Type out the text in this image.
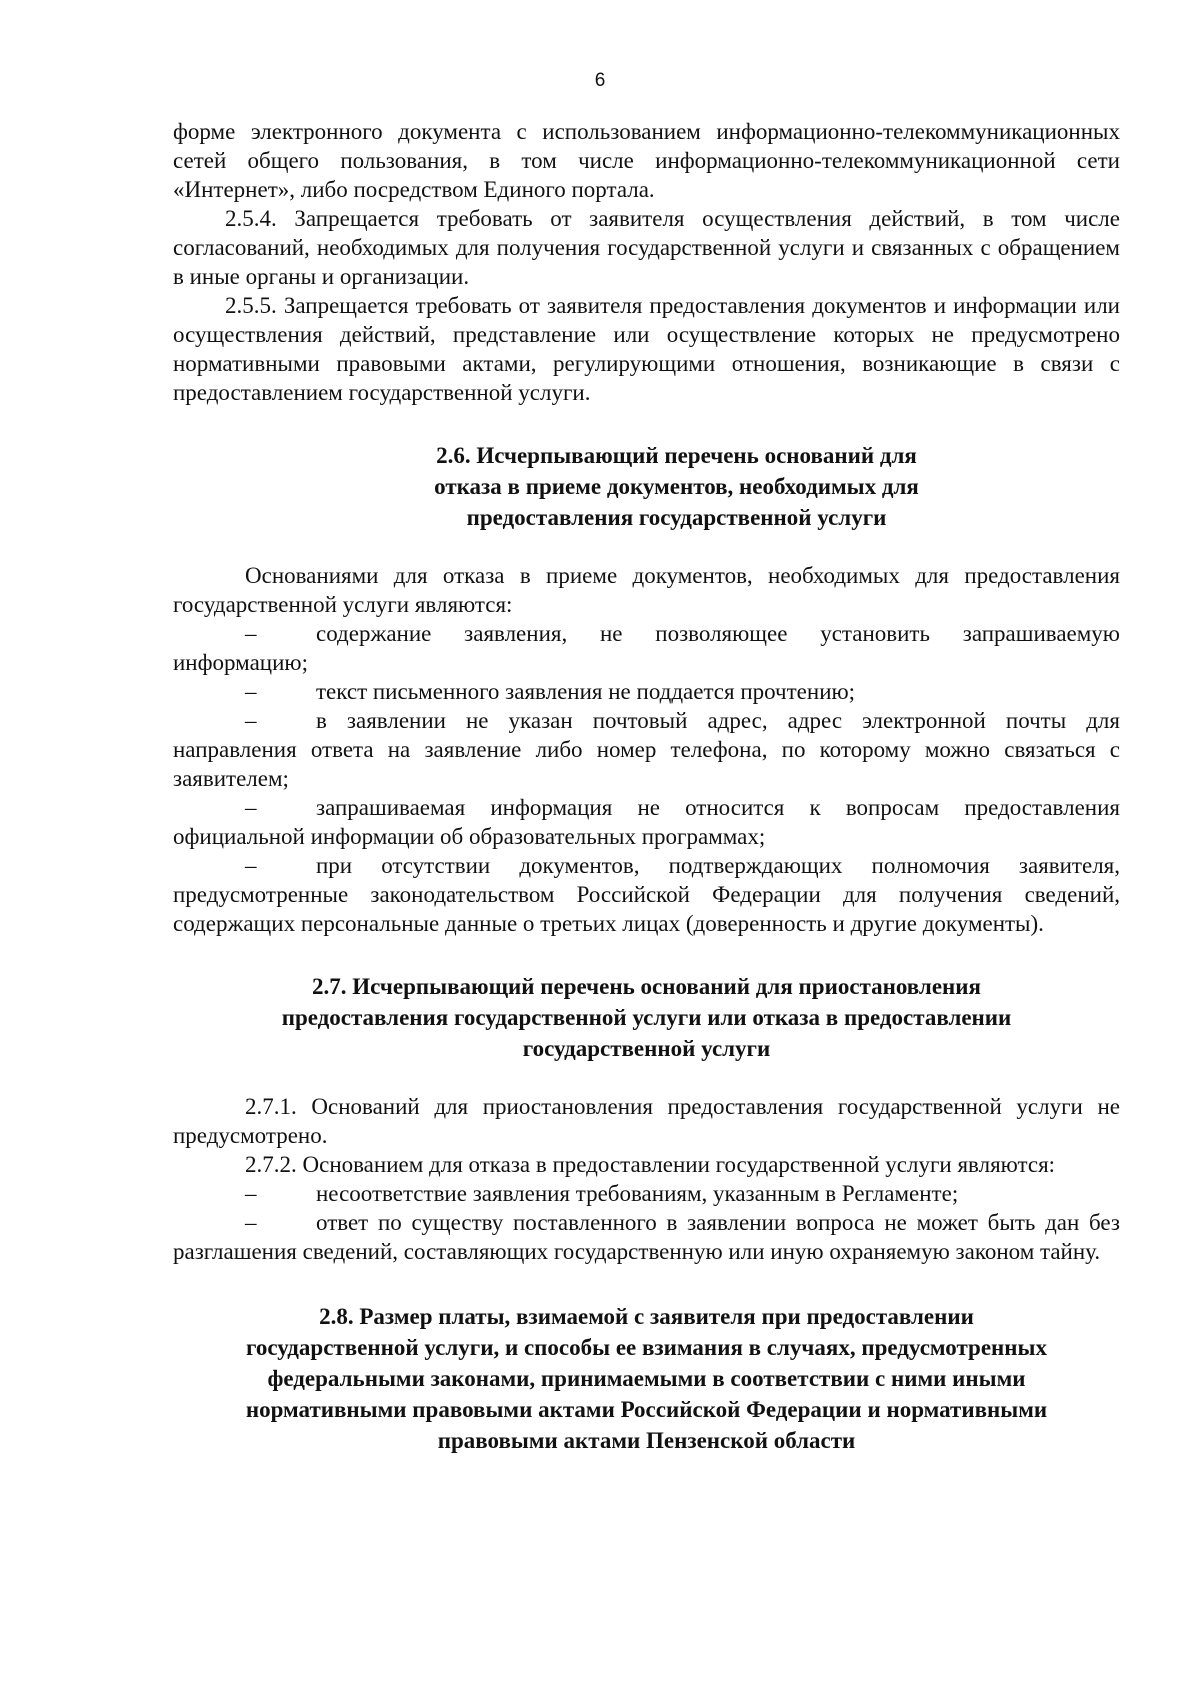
6

форме электронного документа с использованием информационно-телекоммуникационных сетей общего пользования, в том числе информационно-телекоммуникационной сети «Интернет», либо посредством Единого портала.

2.5.4. Запрещается требовать от заявителя осуществления действий, в том числе согласований, необходимых для получения государственной услуги и связанных с обращением в иные органы и организации.

2.5.5. Запрещается требовать от заявителя предоставления документов и информации или осуществления действий, представление или осуществление которых не предусмотрено нормативными правовыми актами, регулирующими отношения, возникающие в связи с предоставлением государственной услуги.

2.6. Исчерпывающий перечень оснований для
отказа в приеме документов, необходимых для
предоставления государственной услуги

Основаниями для отказа в приеме документов, необходимых для предоставления государственной услуги являются:

–	содержание заявления, не позволяющее установить запрашиваемую информацию;

–	текст письменного заявления не поддается прочтению;

–	в заявлении не указан почтовый адрес, адрес электронной почты для направления ответа на заявление либо номер телефона, по которому можно связаться с заявителем;

–	запрашиваемая информация не относится к вопросам предоставления официальной информации об образовательных программах;

–	при отсутствии документов, подтверждающих полномочия заявителя, предусмотренные законодательством Российской Федерации для получения сведений, содержащих персональные данные о третьих лицах (доверенность и другие документы).

2.7. Исчерпывающий перечень оснований для приостановления
предоставления государственной услуги или отказа в предоставлении
государственной услуги

2.7.1. Оснований для приостановления предоставления государственной услуги не предусмотрено.

2.7.2. Основанием для отказа в предоставлении государственной услуги являются:

–	несоответствие заявления требованиям, указанным в Регламенте;

–	ответ по существу поставленного в заявлении вопроса не может быть дан без разглашения сведений, составляющих государственную или иную охраняемую законом тайну.

2.8. Размер платы, взимаемой с заявителя при предоставлении
государственной услуги, и способы ее взимания в случаях, предусмотренных
федеральными законами, принимаемыми в соответствии с ними иными
нормативными правовыми актами Российской Федерации и нормативными
правовыми актами Пензенской области
